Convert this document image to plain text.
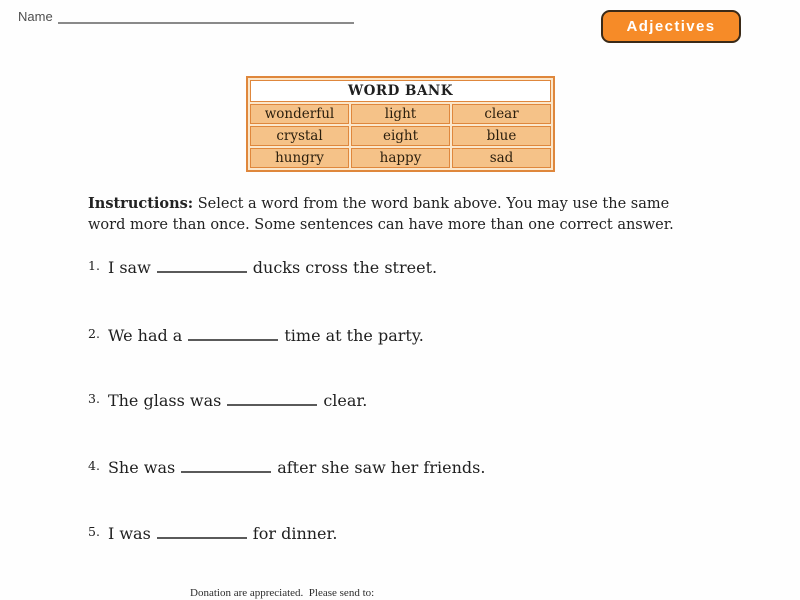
Name
Adjectives
WORD BANK		
wonderful	light	clear
crystal	eight	blue
hungry	happy	sad

Instructions: Select a word from the word bank above. You may use the same word more than once. Some sentences can have more than one correct answer.

1. I saw	ducks cross the street.
2. We had a	time at the party.
3. The glass was	clear.
4. She was	after she saw her friends.
5. I was	for dinner.
Donation are appreciated.  Please send to:
